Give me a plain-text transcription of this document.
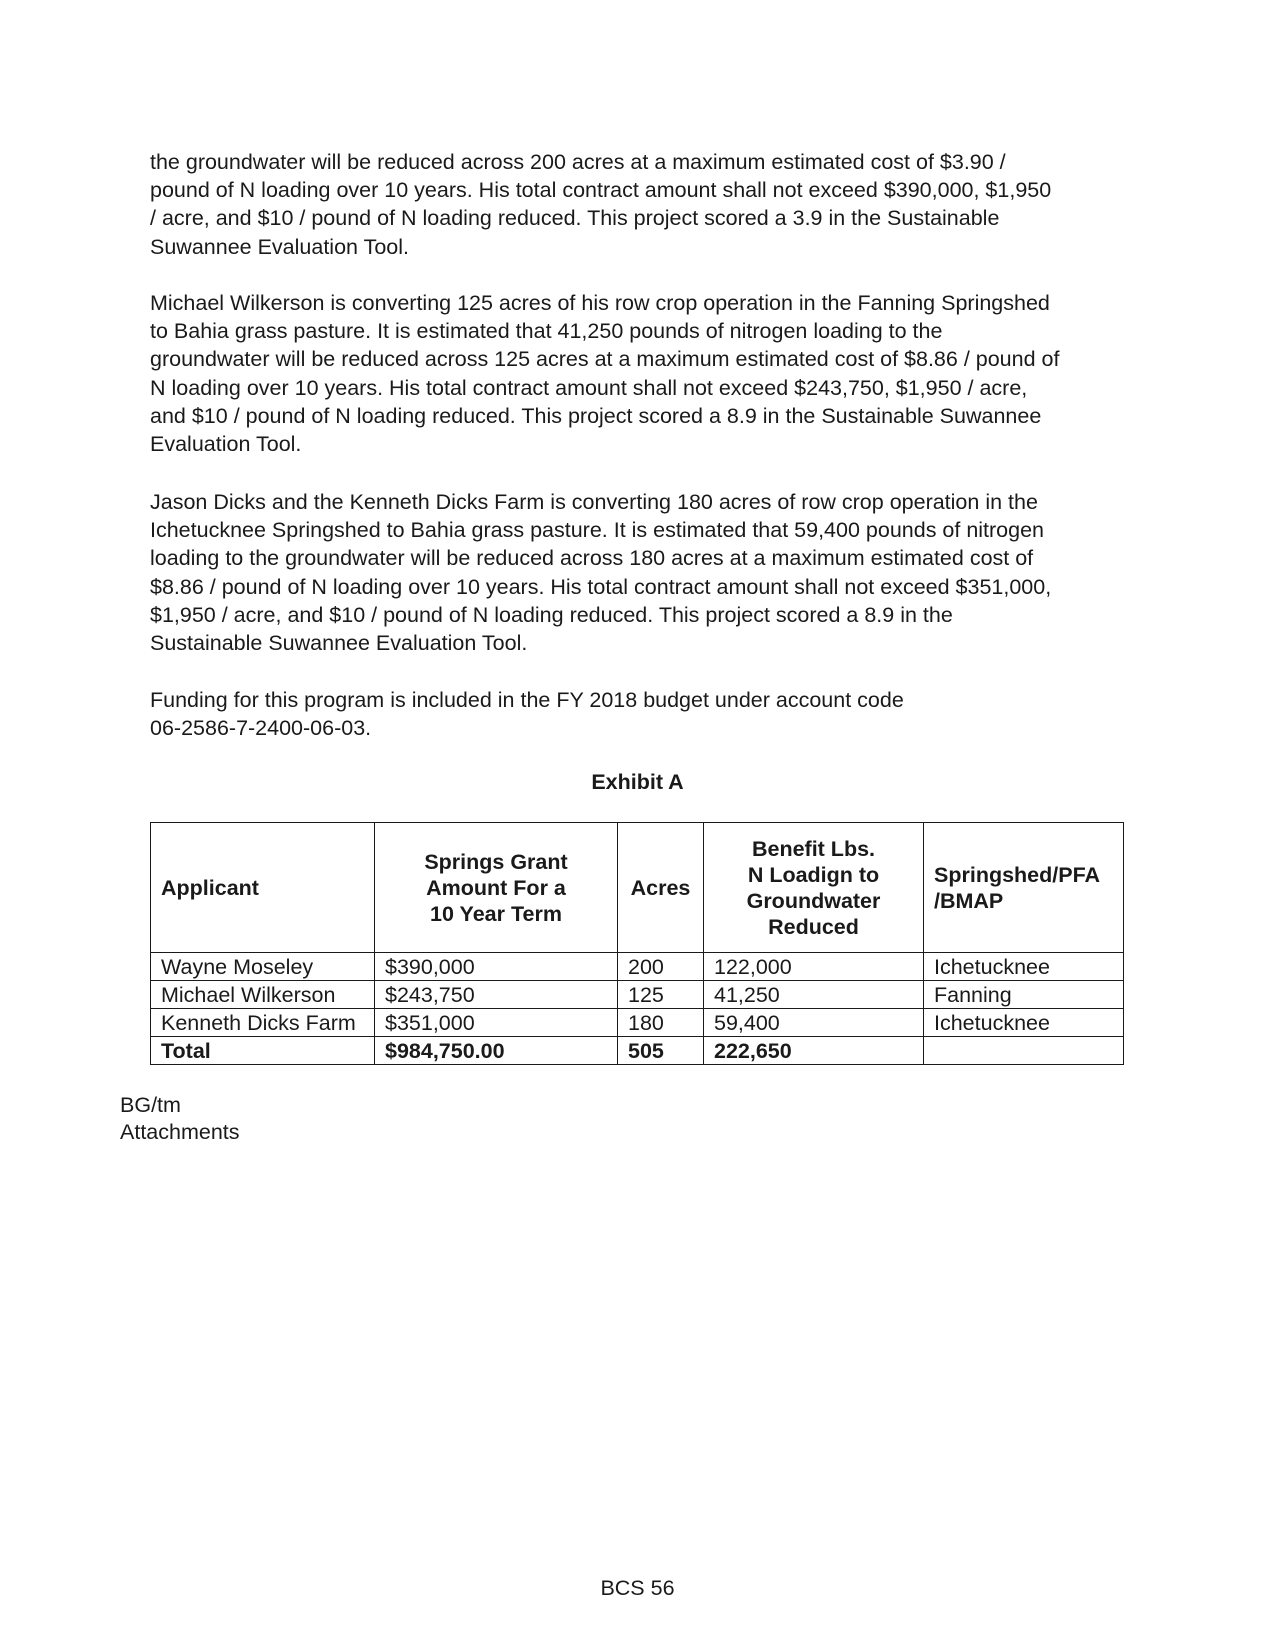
the groundwater will be reduced across 200 acres at a maximum estimated cost of $3.90 /
pound of N loading over 10 years. His total contract amount shall not exceed $390,000, $1,950
/ acre, and $10 / pound of N loading reduced. This project scored a 3.9 in the Sustainable
Suwannee Evaluation Tool.
Michael Wilkerson is converting 125 acres of his row crop operation in the Fanning Springshed
to Bahia grass pasture. It is estimated that 41,250 pounds of nitrogen loading to the
groundwater will be reduced across 125 acres at a maximum estimated cost of $8.86 / pound of
N loading over 10 years. His total contract amount shall not exceed $243,750, $1,950 / acre,
and $10 / pound of N loading reduced. This project scored a 8.9 in the Sustainable Suwannee
Evaluation Tool.
Jason Dicks and the Kenneth Dicks Farm is converting 180 acres of row crop operation in the
Ichetucknee Springshed to Bahia grass pasture. It is estimated that 59,400 pounds of nitrogen
loading to the groundwater will be reduced across 180 acres at a maximum estimated cost of
$8.86 / pound of N loading over 10 years. His total contract amount shall not exceed $351,000,
$1,950 / acre, and $10 / pound of N loading reduced. This project scored a 8.9 in the
Sustainable Suwannee Evaluation Tool.
Funding for this program is included in the FY 2018 budget under account code
06-2586-7-2400-06-03.
Exhibit A
Applicant	Springs Grant
Amount For a
10 Year Term	Acres	Benefit Lbs.
N Loadign to
Groundwater
Reduced	Springshed/PFA
/BMAP

Wayne Moseley	$390,000	200	122,000	Ichetucknee
Michael Wilkerson	$243,750	125	41,250	Fanning
Kenneth Dicks Farm	$351,000	180	59,400	Ichetucknee
Total	$984,750.00	505	222,650	
BG/tm
Attachments
BCS 56
